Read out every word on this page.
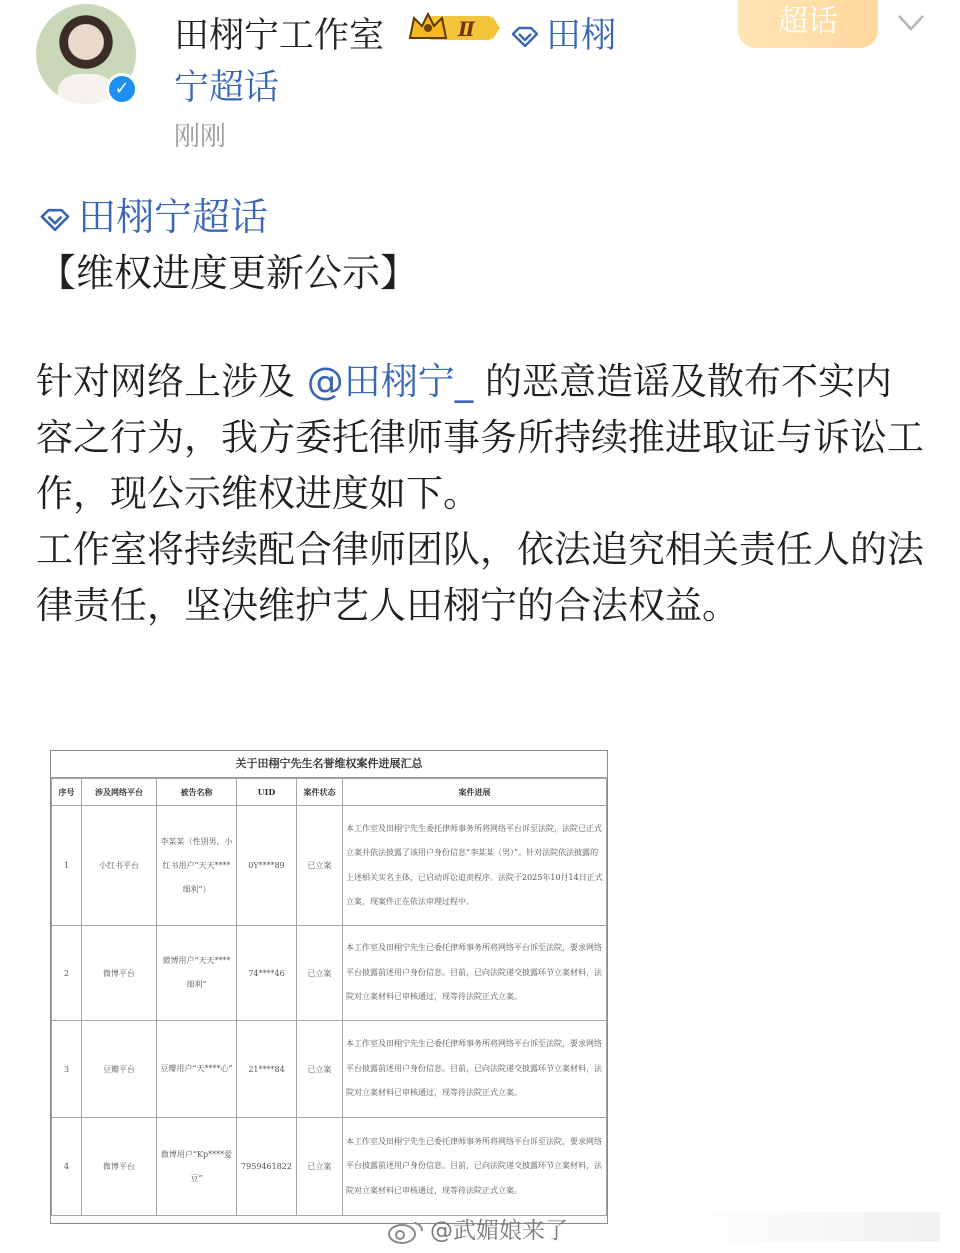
✓
田栩宁工作室	Ⅱ	田栩
宁超话
刚刚
超话
田栩宁超话
【维权进度更新公示】
针对网络上涉及 @田栩宁_ 的恶意造谣及散布不实内容之行为，我方委托律师事务所持续推进取证与诉讼工作，现公示维权进度如下。
工作室将持续配合律师团队，依法追究相关责任人的法律责任，坚决维护艺人田栩宁的合法权益。
关于田栩宁先生名誉维权案件进展汇总
序号	涉及网络平台	被告名称	UID	案件状态	案件进展
1	小红书平台	李某某（性别男，小红书用户“天天****细利”）	0Y****89	已立案	本工作室及田栩宁先生委托律师事务所将网络平台诉至法院，法院已正式立案并依法披露了该用户身份信息“李某某（男）”。针对法院依法披露的上述相关实名主体，已启动诉讼追责程序。法院于2025年10月14日正式立案，现案件正在依法审理过程中。
2	微博平台	微博用户“天天****细利”	74****46	已立案	本工作室及田栩宁先生已委托律师事务所将网络平台诉至法院，要求网络平台披露前述用户身份信息。目前，已向法院递交披露环节立案材料，法院对立案材料已审核通过，现等待法院正式立案。
3	豆瓣平台	豆瓣用户“天****心”	21****84	已立案	本工作室及田栩宁先生已委托律师事务所将网络平台诉至法院，要求网络平台披露前述用户身份信息。目前，已向法院递交披露环节立案材料，法院对立案材料已审核通过，现等待法院正式立案。
4	微博平台	微博用户“Kp****爱豆”	7959461822	已立案	本工作室及田栩宁先生已委托律师事务所将网络平台诉至法院，要求网络平台披露前述用户身份信息。目前，已向法院递交披露环节立案材料，法院对立案材料已审核通过，现等待法院正式立案。
@武媚娘来了
